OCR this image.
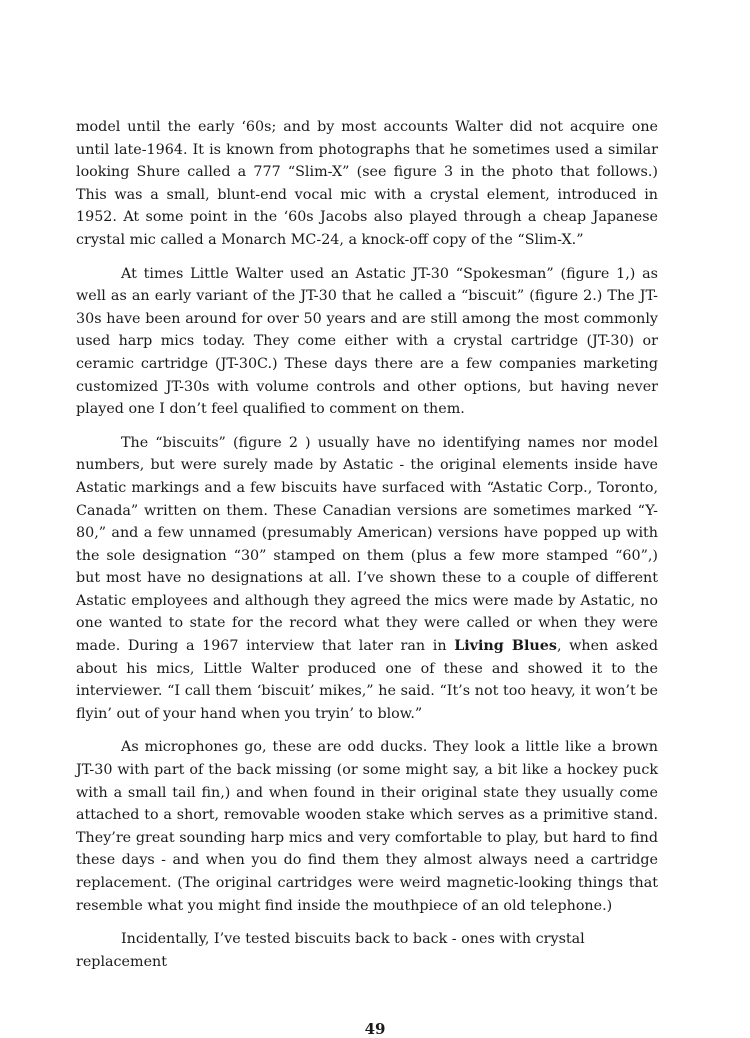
model until the early ‘60s; and by most accounts Walter did not acquire one until late-1964. It is known from photographs that he sometimes used a similar looking Shure called a 777 “Slim-X” (see figure 3 in the photo that follows.) This was a small, blunt-end vocal mic with a crystal element, introduced in 1952. At some point in the ‘60s Jacobs also played through a cheap Japanese crystal mic called a Monarch MC-24, a knock-off copy of the “Slim-X.”

At times Little Walter used an Astatic JT-30 “Spokesman” (figure 1,) as well as an early variant of the JT-30 that he called a “biscuit” (figure 2.) The JT-30s have been around for over 50 years and are still among the most commonly used harp mics today. They come either with a crystal cartridge (JT-30) or ceramic cartridge (JT-30C.) These days there are a few companies marketing customized JT-30s with volume controls and other options, but having never played one I don’t feel qualified to comment on them.

The “biscuits” (figure 2 ) usually have no identifying names nor model numbers, but were surely made by Astatic - the original elements inside have Astatic markings and a few biscuits have surfaced with “Astatic Corp., Toronto, Canada” written on them. These Canadian versions are sometimes marked “Y-80,” and a few unnamed (presumably American) versions have popped up with the sole designation “30” stamped on them (plus a few more stamped “60”,) but most have no designations at all. I’ve shown these to a couple of different Astatic employees and although they agreed the mics were made by Astatic, no one wanted to state for the record what they were called or when they were made. During a 1967 interview that later ran in Living Blues, when asked about his mics, Little Walter produced one of these and showed it to the interviewer. “I call them ‘biscuit’ mikes,” he said. “It’s not too heavy, it won’t be flyin’ out of your hand when you tryin’ to blow.”

As microphones go, these are odd ducks. They look a little like a brown JT-30 with part of the back missing (or some might say, a bit like a hockey puck with a small tail fin,) and when found in their original state they usually come attached to a short, removable wooden stake which serves as a primitive stand. They’re great sounding harp mics and very comfortable to play, but hard to find these days - and when you do find them they almost always need a cartridge replacement. (The original cartridges were weird magnetic-looking things that resemble what you might find inside the mouthpiece of an old telephone.)

Incidentally, I’ve tested biscuits back to back - ones with crystal replacement

49
